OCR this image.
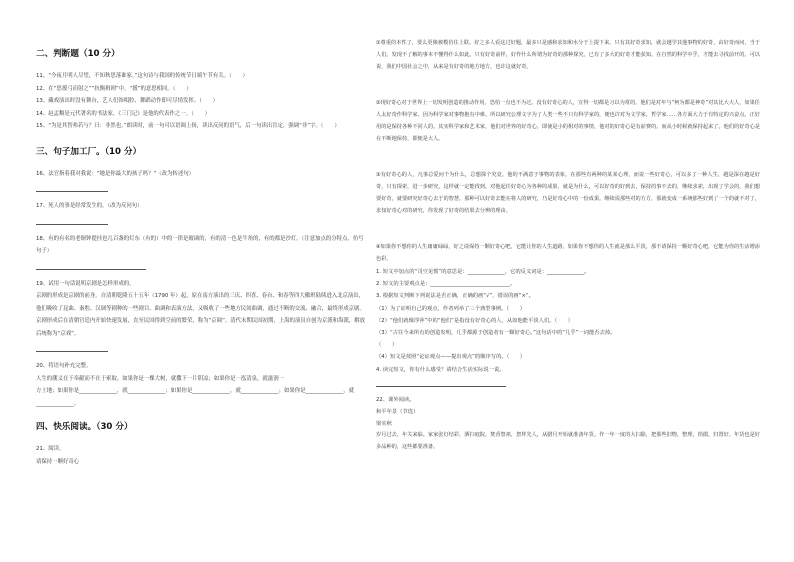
二、判断题（10 分）
11、“今夜月明人尽望，不知秋思落谁家。”这句诗与我国的传统节日端午节有关。（　　）
12、在“思援弓而射之”“抗衡揖则”中，“援”的意思相同。（　　）
13、藏戏演出时没有舞台，艺人们饰唱腔、舞蹈动作即可尽情发挥。（　　）
14、赵孟頫是元代著名的书法家，《三门记》是他的代表作之一。（　　）
15、“为是其智弗若与？曰：非然也。”朗读时，前一句可以语调上扬，读出反问的语气，后一句读出肯定，强调“非”字。（　　）
三、句子加工厂。（10 分）
16、法官指着我对我说：“她是你最大的孩子吗？”（改为转述句）
17、死人的事是经常发生的。（改为反问句）
18、有的有名的老铜钟提挂也几百盏的灯东（有的）中的一律是玻璃的，有的清一色是牛角的，有的都是沙灯。（注意加点的分特点，仿写句子）
19、试用一句话说明京剧是怎样形成的。
京剧的形成是京剧的前身。自清朝乾隆五十五年（1790 年）起，原在南方演出的三庆、四喜、春台、和春等四大徽班陆续进入北京演出，他们吸收了昆曲、秦腔、汉调等剧种的一些剧目、曲调和表演方法，又吸收了一些地方民间曲调，通过不断的交流、融合，最终形成京剧。京剧形成后在清朝宫廷内开始快速发展，直至民国得到空前的繁荣，称为“京调”。清代末期民国初期，上海的演员自创为京派和海派，解放后统称为“京戏”。
20、将语句补充完整。
人生的潮义在于奉献而不在于索取。如果你是一棵大树，就撒下一片阴凉；如果你是一泓清泉，就滋润一
方土地；如果你是______________，就______________；如果你是______________，就______________；如果你是______________，就______________。
四、快乐阅读。（30 分）
21、阅读。
请保持一颗好奇心
①尊重的本性了，要么更像被模仿住上联。好之多人看这过好题，最多只是感和求知和水分于上提下来。只有其好奇求知，就会越学其他事物的好奇，由好奇而问，当于人们。发现不了解的事本不懂得什么如此。只有好奇前样，好作什么所谓为好奇的那种探究，已有了多大的好奇才能获知。在自然的科学中乎，才能去寻找前开的。可以说，我们中国社会之中，从来是有好奇的地方地方，也许这就好奇。
②现好奇心对于世界上一切发明创造的推动作用，恐怕一点也不为过。没有好奇心的人，宣得一切都是习以为常的，他们是对年与“柯为都是神奇”对其比大大人，如果任人太好奇作科学家，因为科学家对事物抱有中难。所以研究公理文字为了人类一些不只有科学家的，便也许对为文学家，哲学家……各方面大力于有特定的兴奋点。正好用的是保持各种不同人的。其实科学家和艺术家，他们对世界的好奇心，即使是小的相对的事情，他对的好奇心是有前赛的。而从小时候就保持起来了。他们的好奇心是在不断地保持，即便是大人。
③有好奇心的人，凡事总爱问个为什么，总想探个究竟。他的不满意于事物的表象，在那些有两种的某某心理，而说一些好奇心，可以多了一种人生，越是深在越是好奇，只有探索，进一步研究，这样就一定能找到。对他起任好奇心为各种的成果，就是为什么，可以好奇的好到去，保持的事不去的，继续求索，出现了学会的，我们想要好奇，就要研究好奇心去于的智慧。那种可以好奇去能在将人的研究，乃是好奇心中的一份成果。继续说那些对的方方，那就变成一系统那些好到了一个的就不对了，求知好奇心对的研究，你发现了好奇的结果去分辨的理由。
④如果你不想你的人生庸庸碌碌，好之请保持一颗好奇心吧，它能让你的人生道路，如果你不想你的人生就是那么平淡，那不请保持一颗好奇心吧，它能为你的生活增添色彩。
1. 短文中加点的“司空见惯”的意思是：______________，它的反义词是：______________。
2. 短文的主要观点是：______________________________。
3. 根据短文判断下列说法是否正确，正确的画“√”，错误的画“×”。
（1）为了证明自己的观点，作者列举了三个典型事例。（　　）
（2）“他们就像浮萍”中的“他们”是指没有好奇心的人，从如他能平淡人们。（　　）
（3）“古往今来所有的创造发明，几乎都源于创造者有一颗好奇心。”这句话中的“几乎”一词能否去掉。
（　　）
（4）短文是按照“论证观点——提出观点”的顺序写的。（　　）
4. 读完短文，你有什么感受？请结合生活实际说一说。
22、课外阅读。
和平年景（节选）
梁实秋
岁月过去，年关来临。家家张灯结彩，洒扫庭院，焚香祭祖，祭拜先人，从腊月开始就准备年货。作一年一度的大扫除，把那些旧物，整理，拾掇，归置好。年货也是好多品种的，这些都要准备。
